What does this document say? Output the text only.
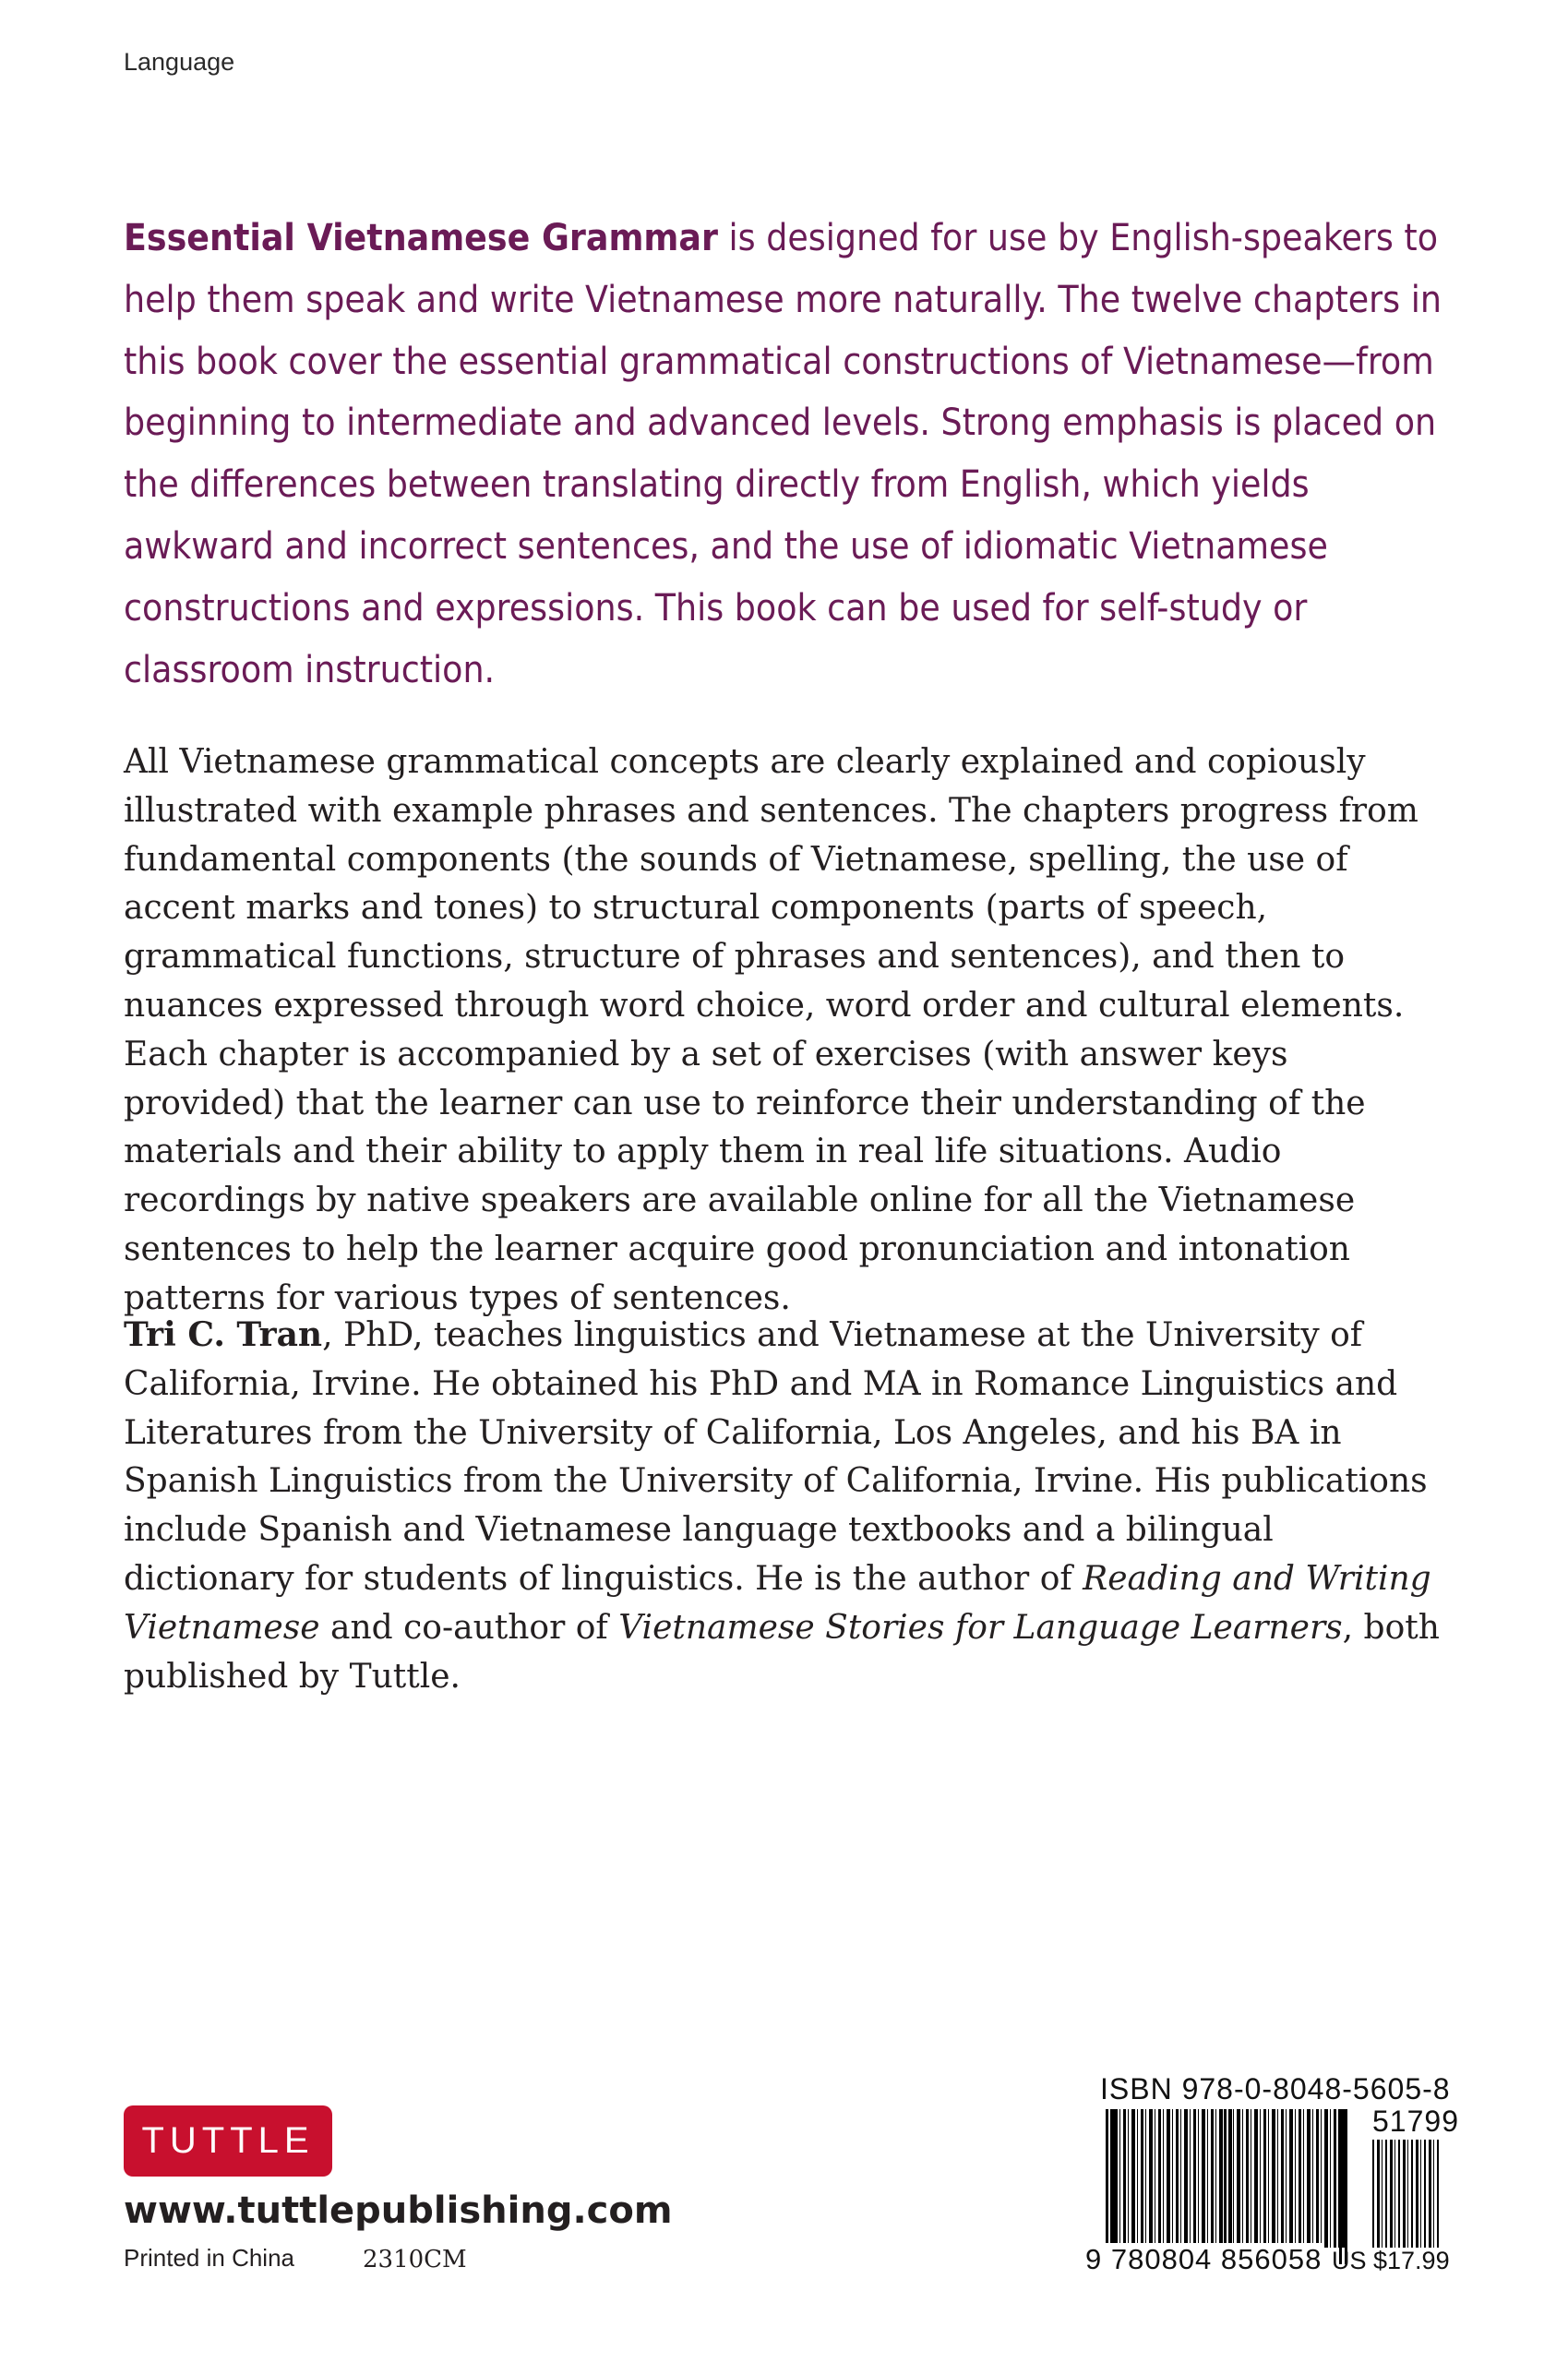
Language

Essential Vietnamese Grammar is designed for use by English-speakers to help them speak and write Vietnamese more naturally. The twelve chapters in this book cover the essential grammatical constructions of Vietnamese—from beginning to intermediate and advanced levels. Strong emphasis is placed on the differences between translating directly from English, which yields awkward and incorrect sentences, and the use of idiomatic Vietnamese constructions and expressions. This book can be used for self-study or classroom instruction.

All Vietnamese grammatical concepts are clearly explained and copiously illustrated with example phrases and sentences. The chapters progress from fundamental components (the sounds of Vietnamese, spelling, the use of accent marks and tones) to structural components (parts of speech, grammatical functions, structure of phrases and sentences), and then to nuances expressed through word choice, word order and cultural elements. Each chapter is accompanied by a set of exercises (with answer keys provided) that the learner can use to reinforce their understanding of the materials and their ability to apply them in real life situations. Audio recordings by native speakers are available online for all the Vietnamese sentences to help the learner acquire good pronunciation and intonation patterns for various types of sentences.

Tri C. Tran, PhD, teaches linguistics and Vietnamese at the University of California, Irvine. He obtained his PhD and MA in Romance Linguistics and Literatures from the University of California, Los Angeles, and his BA in Spanish Linguistics from the University of California, Irvine. His publications include Spanish and Vietnamese language textbooks and a bilingual dictionary for students of linguistics. He is the author of Reading and Writing Vietnamese and co-author of Vietnamese Stories for Language Learners, both published by Tuttle.

TUTTLE
www.tuttlepublishing.com
Printed in China	2310CM
ISBN 978-0-8048-5605-8
51799
9 780804 856058 US $17.99
